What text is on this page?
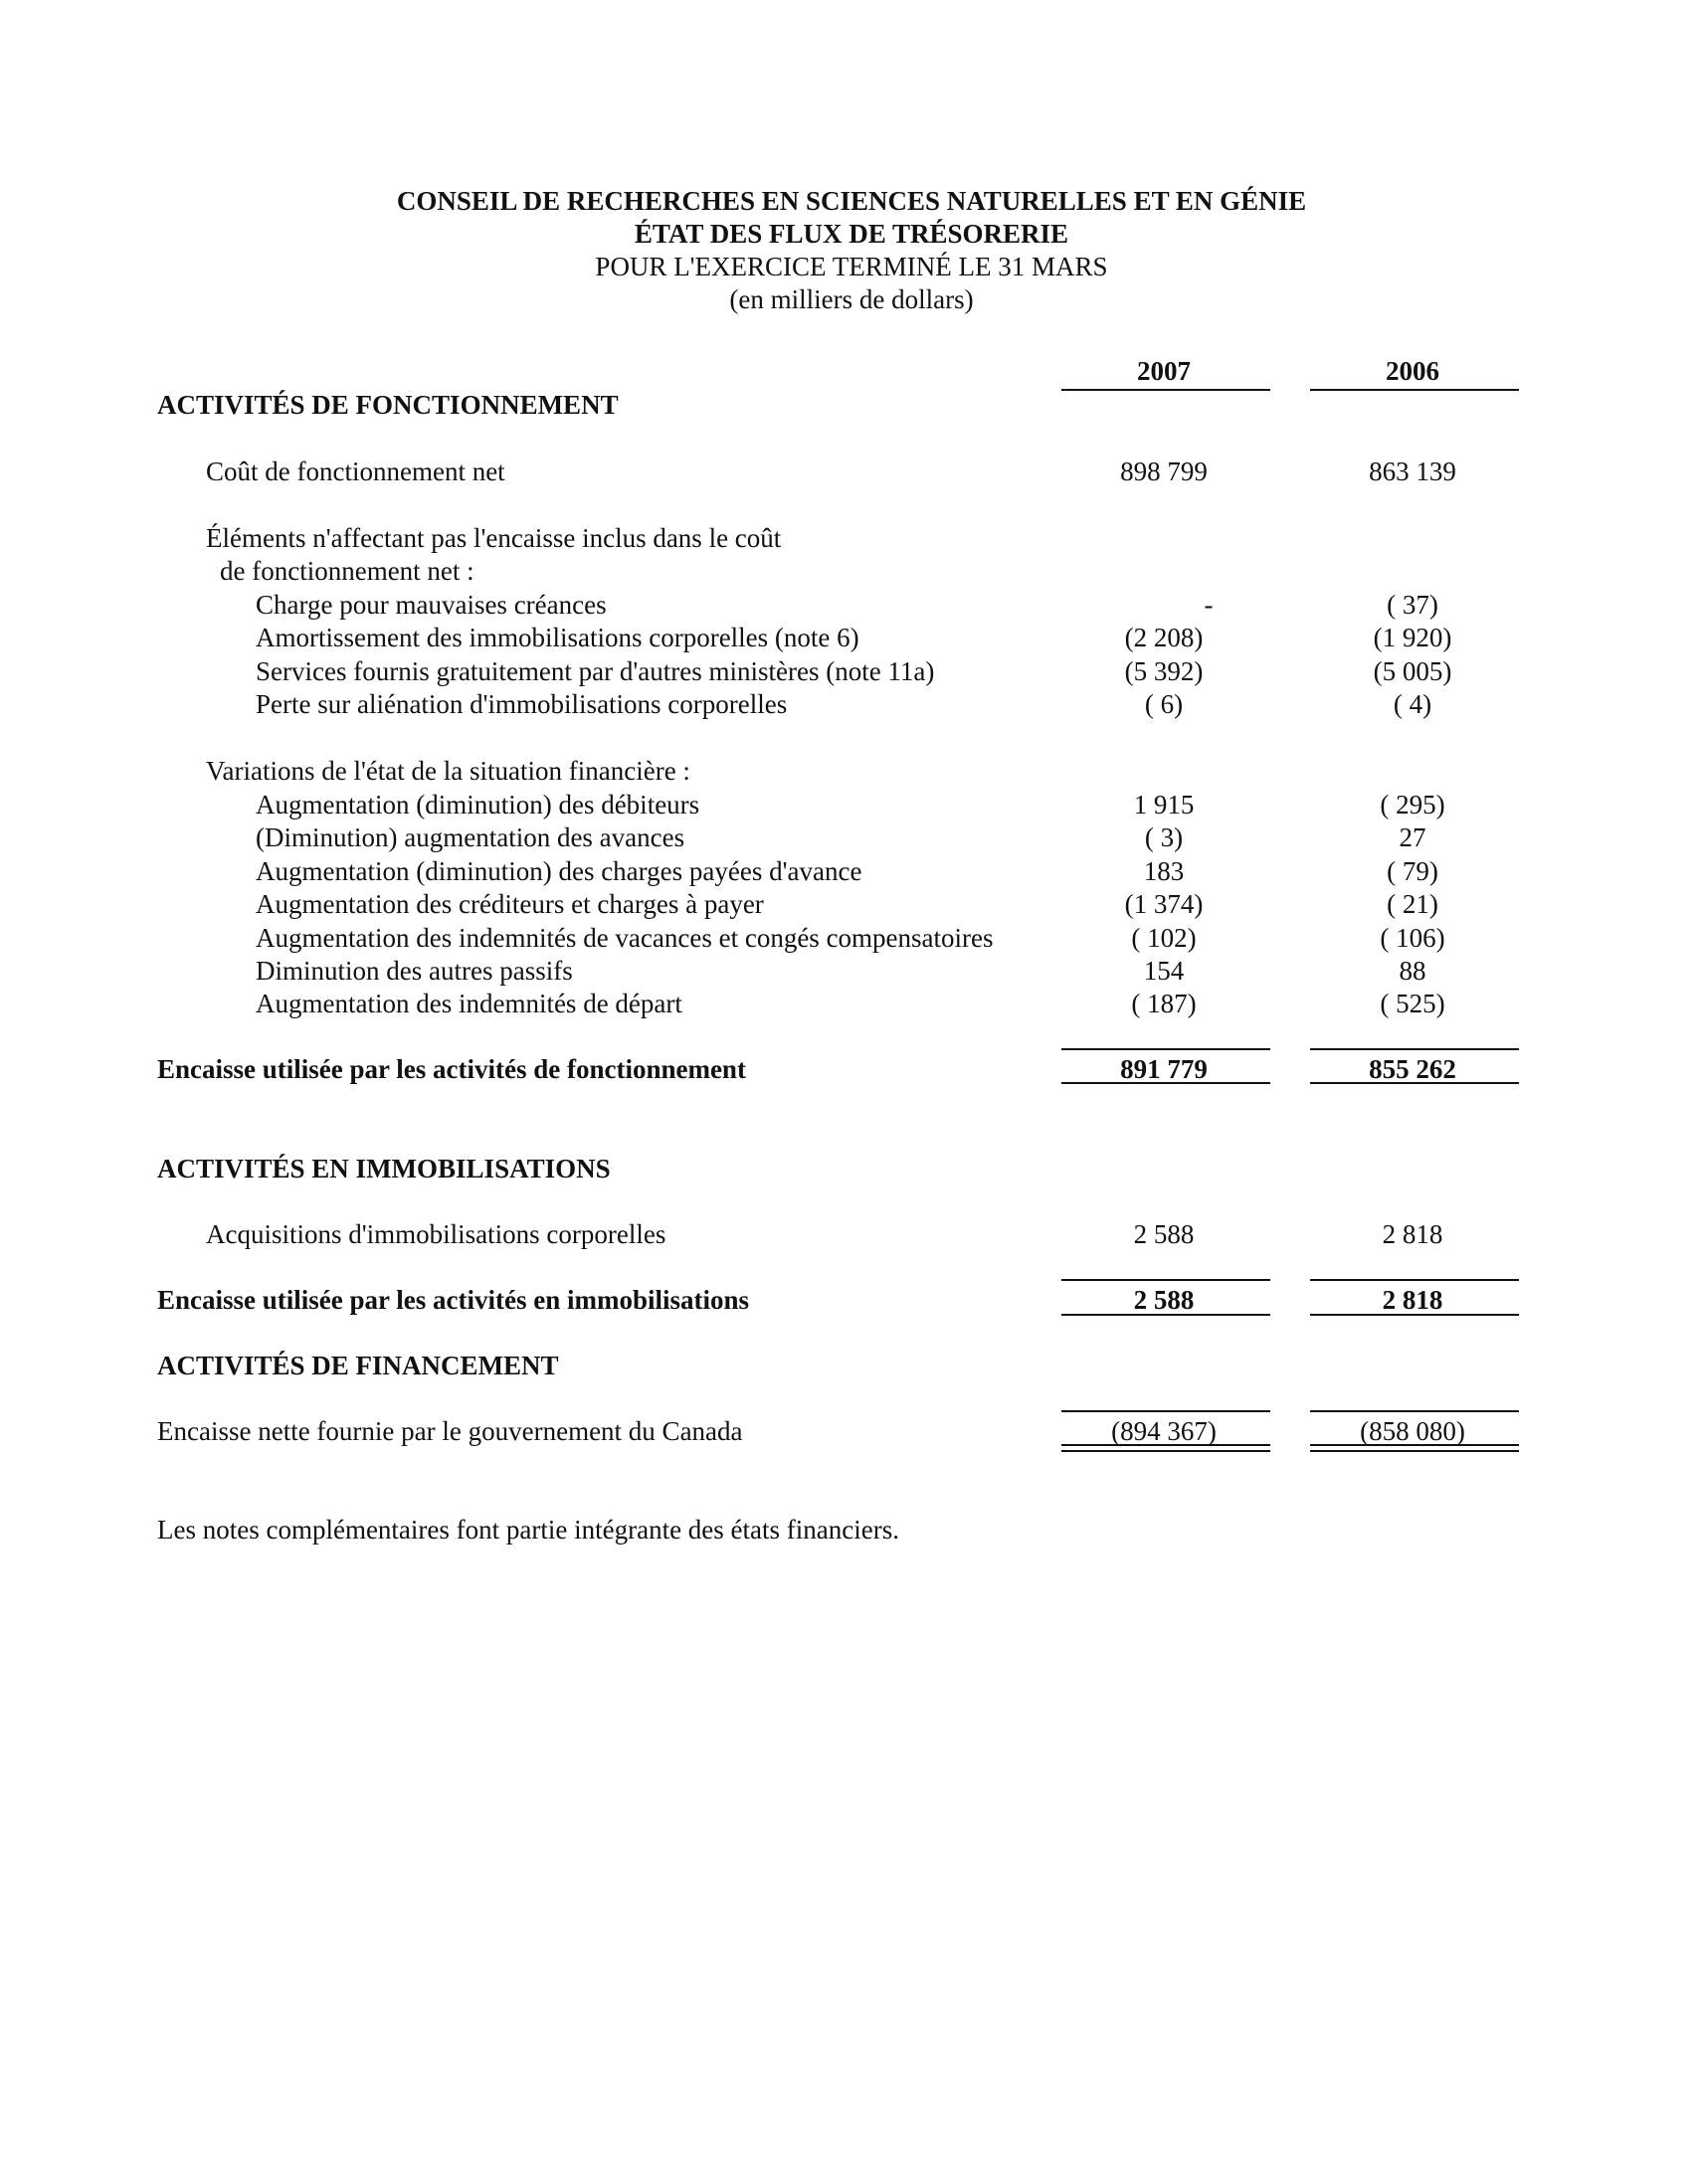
CONSEIL DE RECHERCHES EN SCIENCES NATURELLES ET EN GÉNIE
ÉTAT DES FLUX DE TRÉSORERIE
POUR L'EXERCICE TERMINÉ LE 31 MARS
(en milliers de dollars)
2007	2006
ACTIVITÉS DE FONCTIONNEMENT
Coût de fonctionnement net	898 799	863 139
Éléments n'affectant pas l'encaisse inclus dans le coût
de fonctionnement net :
Charge pour mauvaises créances	-	( 37)
Amortissement des immobilisations corporelles (note 6)	(2 208)	(1 920)
Services fournis gratuitement par d'autres ministères (note 11a)	(5 392)	(5 005)
Perte sur aliénation d'immobilisations corporelles	( 6)	( 4)
Variations de l'état de la situation financière :
Augmentation (diminution) des débiteurs	1 915	( 295)
(Diminution) augmentation des avances	( 3)	27
Augmentation (diminution) des charges payées d'avance	183	( 79)
Augmentation des créditeurs et charges à payer	(1 374)	( 21)
Augmentation des indemnités de vacances et congés compensatoires	( 102)	( 106)
Diminution des autres passifs	154	88
Augmentation des indemnités de départ	( 187)	( 525)
Encaisse utilisée par les activités de fonctionnement	891 779	855 262
ACTIVITÉS EN IMMOBILISATIONS
Acquisitions d'immobilisations corporelles	2 588	2 818
Encaisse utilisée par les activités en immobilisations	2 588	2 818
ACTIVITÉS DE FINANCEMENT
Encaisse nette fournie par le gouvernement du Canada	(894 367)	(858 080)
Les notes complémentaires font partie intégrante des états financiers.
